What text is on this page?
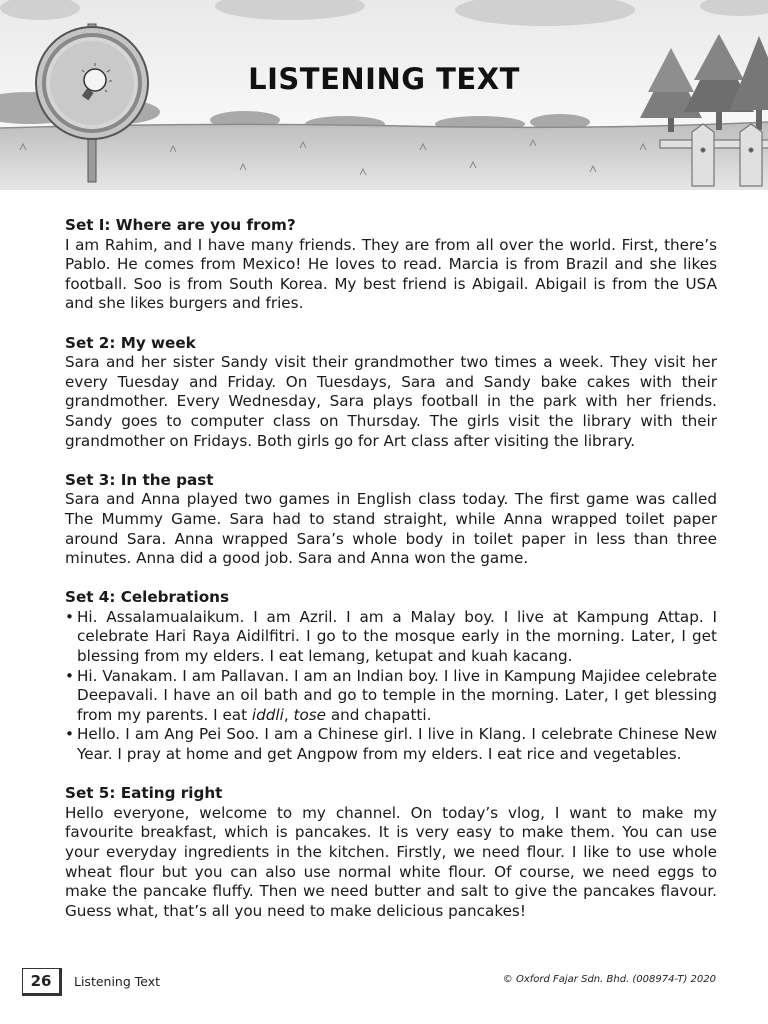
LISTENING TEXT
Set I: Where are you from?

I am Rahim, and I have many friends. They are from all over the world. First, there’s Pablo. He comes from Mexico! He loves to read. Marcia is from Brazil and she likes football. Soo is from South Korea. My best friend is Abigail. Abigail is from the USA and she likes burgers and fries.

Set 2: My week

Sara and her sister Sandy visit their grandmother two times a week. They visit her every Tuesday and Friday. On Tuesdays, Sara and Sandy bake cakes with their grandmother. Every Wednesday, Sara plays football in the park with her friends. Sandy goes to computer class on Thursday. The girls visit the library with their grandmother on Fridays. Both girls go for Art class after visiting the library.

Set 3: In the past

Sara and Anna played two games in English class today. The first game was called The Mummy Game. Sara had to stand straight, while Anna wrapped toilet paper around Sara. Anna wrapped Sara’s whole body in toilet paper in less than three minutes. Anna did a good job. Sara and Anna won the game.

Set 4: Celebrations
• Hi. Assalamualaikum. I am Azril. I am a Malay boy. I live at Kampung Attap. I celebrate Hari Raya Aidilfitri. I go to the mosque early in the morning. Later, I get blessing from my elders. I eat lemang, ketupat and kuah kacang.
• Hi. Vanakam. I am Pallavan. I am an Indian boy. I live in Kampung Majidee celebrate Deepavali. I have an oil bath and go to temple in the morning. Later, I get blessing from my parents. I eat iddli, tose and chapatti.
• Hello. I am Ang Pei Soo. I am a Chinese girl. I live in Klang. I celebrate Chinese New Year. I pray at home and get Angpow from my elders. I eat rice and vegetables.
Set 5: Eating right

Hello everyone, welcome to my channel. On today’s vlog, I want to make my favourite breakfast, which is pancakes. It is very easy to make them. You can use your everyday ingredients in the kitchen. Firstly, we need flour. I like to use whole wheat flour but you can also use normal white flour. Of course, we need eggs to make the pancake fluffy. Then we need butter and salt to give the pancakes flavour. Guess what, that’s all you need to make delicious pancakes!

26	Listening Text	© Oxford Fajar Sdn. Bhd. (008974-T) 2020
